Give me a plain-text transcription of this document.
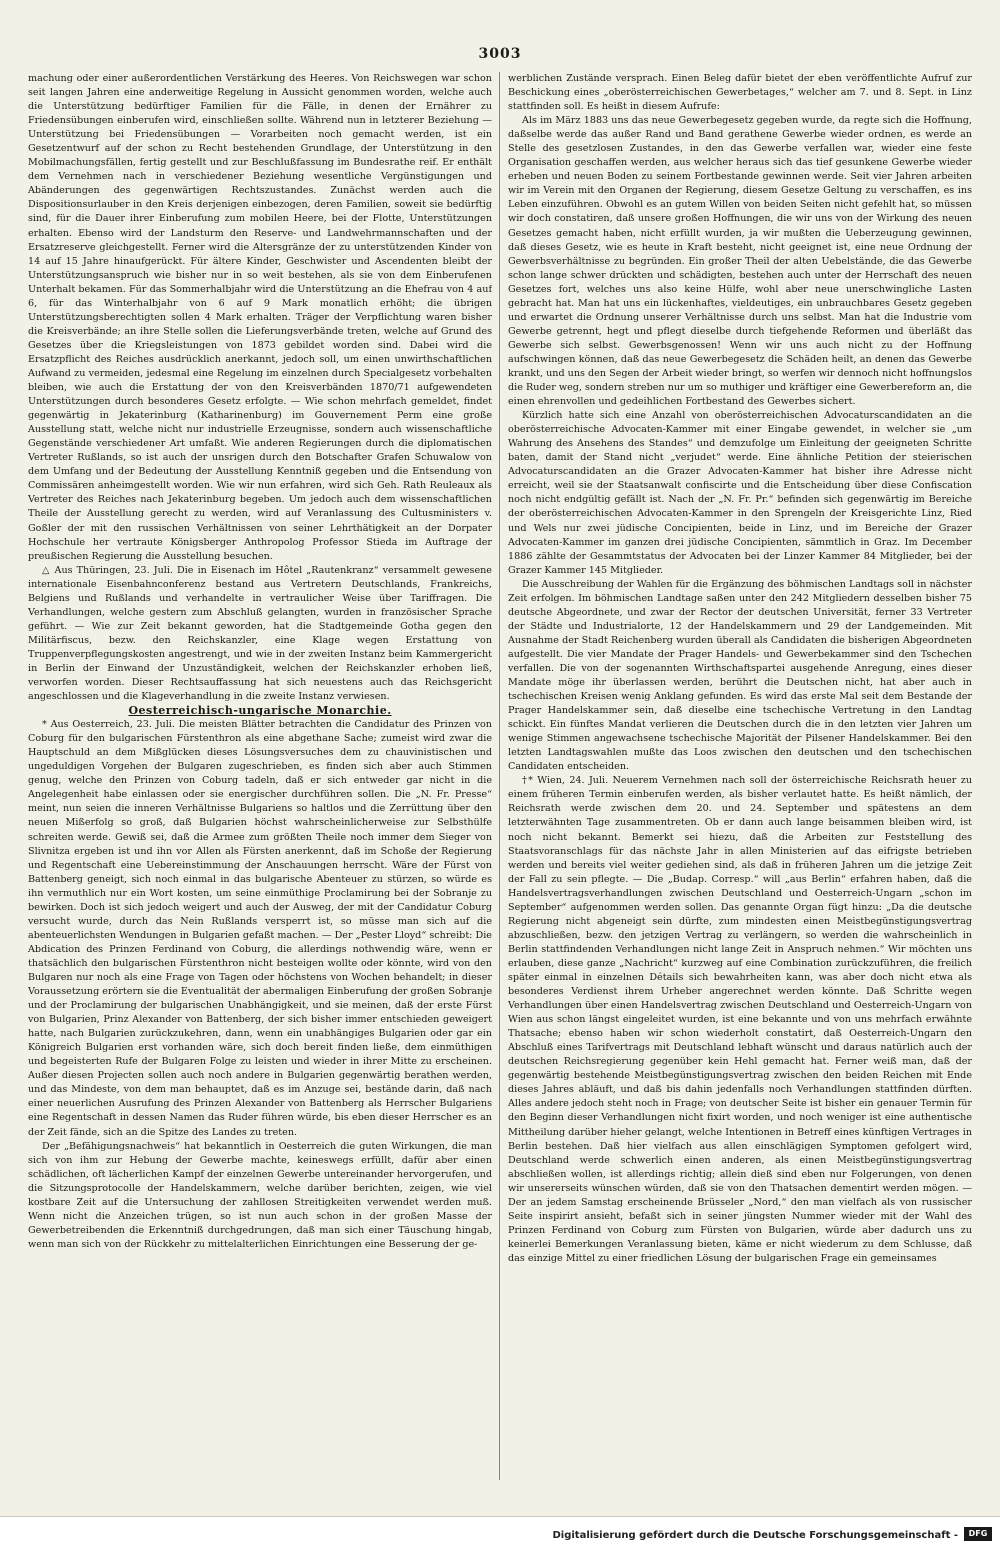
3003

machung oder einer außerordentlichen Verstärkung des Heeres. Von Reichswegen war schon seit langen Jahren eine anderweitige Regelung in Aussicht genommen worden, welche auch die Unterstützung bedürftiger Familien für die Fälle, in denen der Ernährer zu Friedensübungen einberufen wird, einschließen sollte. Während nun in letzterer Beziehung — Unterstützung bei Friedensübungen — Vorarbeiten noch gemacht werden, ist ein Gesetzentwurf auf der schon zu Recht bestehenden Grundlage, der Unterstützung in den Mobilmachungsfällen, fertig gestellt und zur Beschlußfassung im Bundesrathe reif. Er enthält dem Vernehmen nach in verschiedener Beziehung wesentliche Vergünstigungen und Abänderungen des gegenwärtigen Rechtszustandes. Zunächst werden auch die Dispositionsurlauber in den Kreis derjenigen einbezogen, deren Familien, soweit sie bedürftig sind, für die Dauer ihrer Einberufung zum mobilen Heere, bei der Flotte, Unterstützungen erhalten. Ebenso wird der Landsturm den Reserve- und Landwehrmannschaften und der Ersatzreserve gleichgestellt. Ferner wird die Altersgränze der zu unterstützenden Kinder von 14 auf 15 Jahre hinaufgerückt. Für ältere Kinder, Geschwister und Ascendenten bleibt der Unterstützungsanspruch wie bisher nur in so weit bestehen, als sie von dem Einberufenen Unterhalt bekamen. Für das Sommerhalbjahr wird die Unterstützung an die Ehefrau von 4 auf 6, für das Winterhalbjahr von 6 auf 9 Mark monatlich erhöht; die übrigen Unterstützungsberechtigten sollen 4 Mark erhalten. Träger der Verpflichtung waren bisher die Kreisverbände; an ihre Stelle sollen die Lieferungsverbände treten, welche auf Grund des Gesetzes über die Kriegsleistungen von 1873 gebildet worden sind. Dabei wird die Ersatzpflicht des Reiches ausdrücklich anerkannt, jedoch soll, um einen unwirthschaftlichen Aufwand zu vermeiden, jedesmal eine Regelung im einzelnen durch Specialgesetz vorbehalten bleiben, wie auch die Erstattung der von den Kreisverbänden 1870/71 aufgewendeten Unterstützungen durch besonderes Gesetz erfolgte. — Wie schon mehrfach gemeldet, findet gegenwärtig in Jekaterinburg (Katharinenburg) im Gouvernement Perm eine große Ausstellung statt, welche nicht nur industrielle Erzeugnisse, sondern auch wissenschaftliche Gegenstände verschiedener Art umfaßt. Wie anderen Regierungen durch die diplomatischen Vertreter Rußlands, so ist auch der unsrigen durch den Botschafter Grafen Schuwalow von dem Umfang und der Bedeutung der Ausstellung Kenntniß gegeben und die Entsendung von Commissären anheimgestellt worden. Wie wir nun erfahren, wird sich Geh. Rath Reuleaux als Vertreter des Reiches nach Jekaterinburg begeben. Um jedoch auch dem wissenschaftlichen Theile der Ausstellung gerecht zu werden, wird auf Veranlassung des Cultusministers v. Goßler der mit den russischen Verhältnissen von seiner Lehrthätigkeit an der Dorpater Hochschule her vertraute Königsberger Anthropolog Professor Stieda im Auftrage der preußischen Regierung die Ausstellung besuchen.

△ Aus Thüringen, 23. Juli. Die in Eisenach im Hôtel „Rautenkranz“ versammelt gewesene internationale Eisenbahnconferenz bestand aus Vertretern Deutschlands, Frankreichs, Belgiens und Rußlands und verhandelte in vertraulicher Weise über Tariffragen. Die Verhandlungen, welche gestern zum Abschluß gelangten, wurden in französischer Sprache geführt. — Wie zur Zeit bekannt geworden, hat die Stadtgemeinde Gotha gegen den Militärfiscus, bezw. den Reichskanzler, eine Klage wegen Erstattung von Truppenverpflegungskosten angestrengt, und wie in der zweiten Instanz beim Kammergericht in Berlin der Einwand der Unzuständigkeit, welchen der Reichskanzler erhoben ließ, verworfen worden. Dieser Rechtsauffassung hat sich neuestens auch das Reichsgericht angeschlossen und die Klageverhandlung in die zweite Instanz verwiesen.

Oesterreichisch-ungarische Monarchie.

* Aus Oesterreich, 23. Juli. Die meisten Blätter betrachten die Candidatur des Prinzen von Coburg für den bulgarischen Fürstenthron als eine abgethane Sache; zumeist wird zwar die Hauptschuld an dem Mißglücken dieses Lösungsversuches dem zu chauvinistischen und ungeduldigen Vorgehen der Bulgaren zugeschrieben, es finden sich aber auch Stimmen genug, welche den Prinzen von Coburg tadeln, daß er sich entweder gar nicht in die Angelegenheit habe einlassen oder sie energischer durchführen sollen. Die „N. Fr. Presse“ meint, nun seien die inneren Verhältnisse Bulgariens so haltlos und die Zerrüttung über den neuen Mißerfolg so groß, daß Bulgarien höchst wahrscheinlicherweise zur Selbsthülfe schreiten werde. Gewiß sei, daß die Armee zum größten Theile noch immer dem Sieger von Slivnitza ergeben ist und ihn vor Allen als Fürsten anerkennt, daß im Schoße der Regierung und Regentschaft eine Uebereinstimmung der Anschauungen herrscht. Wäre der Fürst von Battenberg geneigt, sich noch einmal in das bulgarische Abenteuer zu stürzen, so würde es ihn vermuthlich nur ein Wort kosten, um seine einmüthige Proclamirung bei der Sobranje zu bewirken. Doch ist sich jedoch weigert und auch der Ausweg, der mit der Candidatur Coburg versucht wurde, durch das Nein Rußlands versperrt ist, so müsse man sich auf die abenteuerlichsten Wendungen in Bulgarien gefaßt machen. — Der „Pester Lloyd“ schreibt: Die Abdication des Prinzen Ferdinand von Coburg, die allerdings nothwendig wäre, wenn er thatsächlich den bulgarischen Fürstenthron nicht besteigen wollte oder könnte, wird von den Bulgaren nur noch als eine Frage von Tagen oder höchstens von Wochen behandelt; in dieser Voraussetzung erörtern sie die Eventualität der abermaligen Einberufung der großen Sobranje und der Proclamirung der bulgarischen Unabhängigkeit, und sie meinen, daß der erste Fürst von Bulgarien, Prinz Alexander von Battenberg, der sich bisher immer entschieden geweigert hatte, nach Bulgarien zurückzukehren, dann, wenn ein unabhängiges Bulgarien oder gar ein Königreich Bulgarien erst vorhanden wäre, sich doch bereit finden ließe, dem einmüthigen und begeisterten Rufe der Bulgaren Folge zu leisten und wieder in ihrer Mitte zu erscheinen. Außer diesen Projecten sollen auch noch andere in Bulgarien gegenwärtig berathen werden, und das Mindeste, von dem man behauptet, daß es im Anzuge sei, bestände darin, daß nach einer neuerlichen Ausrufung des Prinzen Alexander von Battenberg als Herrscher Bulgariens eine Regentschaft in dessen Namen das Ruder führen würde, bis eben dieser Herrscher es an der Zeit fände, sich an die Spitze des Landes zu treten.

Der „Befähigungsnachweis“ hat bekanntlich in Oesterreich die guten Wirkungen, die man sich von ihm zur Hebung der Gewerbe machte, keineswegs erfüllt, dafür aber einen schädlichen, oft lächerlichen Kampf der einzelnen Gewerbe untereinander hervorgerufen, und die Sitzungsprotocolle der Handelskammern, welche darüber berichten, zeigen, wie viel kostbare Zeit auf die Untersuchung der zahllosen Streitigkeiten verwendet werden muß. Wenn nicht die Anzeichen trügen, so ist nun auch schon in der großen Masse der Gewerbetreibenden die Erkenntniß durchgedrungen, daß man sich einer Täuschung hingab, wenn man sich von der Rückkehr zu mittelalterlichen Einrichtungen eine Besserung der ge-

werblichen Zustände versprach. Einen Beleg dafür bietet der eben veröffentlichte Aufruf zur Beschickung eines „oberösterreichischen Gewerbetages,“ welcher am 7. und 8. Sept. in Linz stattfinden soll. Es heißt in diesem Aufrufe:

Als im März 1883 uns das neue Gewerbegesetz gegeben wurde, da regte sich die Hoffnung, daßselbe werde das außer Rand und Band gerathene Gewerbe wieder ordnen, es werde an Stelle des gesetzlosen Zustandes, in den das Gewerbe verfallen war, wieder eine feste Organisation geschaffen werden, aus welcher heraus sich das tief gesunkene Gewerbe wieder erheben und neuen Boden zu seinem Fortbestande gewinnen werde. Seit vier Jahren arbeiten wir im Verein mit den Organen der Regierung, diesem Gesetze Geltung zu verschaffen, es ins Leben einzuführen. Obwohl es an gutem Willen von beiden Seiten nicht gefehlt hat, so müssen wir doch constatiren, daß unsere großen Hoffnungen, die wir uns von der Wirkung des neuen Gesetzes gemacht haben, nicht erfüllt wurden, ja wir mußten die Ueberzeugung gewinnen, daß dieses Gesetz, wie es heute in Kraft besteht, nicht geeignet ist, eine neue Ordnung der Gewerbsverhältnisse zu begründen. Ein großer Theil der alten Uebelstände, die das Gewerbe schon lange schwer drückten und schädigten, bestehen auch unter der Herrschaft des neuen Gesetzes fort, welches uns also keine Hülfe, wohl aber neue unerschwingliche Lasten gebracht hat. Man hat uns ein lückenhaftes, vieldeutiges, ein unbrauchbares Gesetz gegeben und erwartet die Ordnung unserer Verhältnisse durch uns selbst. Man hat die Industrie vom Gewerbe getrennt, hegt und pflegt dieselbe durch tiefgehende Reformen und überläßt das Gewerbe sich selbst. Gewerbsgenossen! Wenn wir uns auch nicht zu der Hoffnung aufschwingen können, daß das neue Gewerbegesetz die Schäden heilt, an denen das Gewerbe krankt, und uns den Segen der Arbeit wieder bringt, so werfen wir dennoch nicht hoffnungslos die Ruder weg, sondern streben nur um so muthiger und kräftiger eine Gewerbereform an, die einen ehrenvollen und gedeihlichen Fortbestand des Gewerbes sichert.

Kürzlich hatte sich eine Anzahl von oberösterreichischen Advocaturscandidaten an die oberösterreichische Advocaten-Kammer mit einer Eingabe gewendet, in welcher sie „um Wahrung des Ansehens des Standes“ und demzufolge um Einleitung der geeigneten Schritte baten, damit der Stand nicht „verjudet“ werde. Eine ähnliche Petition der steierischen Advocaturscandidaten an die Grazer Advocaten-Kammer hat bisher ihre Adresse nicht erreicht, weil sie der Staatsanwalt confiscirte und die Entscheidung über diese Confiscation noch nicht endgültig gefällt ist. Nach der „N. Fr. Pr.“ befinden sich gegenwärtig im Bereiche der oberösterreichischen Advocaten-Kammer in den Sprengeln der Kreisgerichte Linz, Ried und Wels nur zwei jüdische Concipienten, beide in Linz, und im Bereiche der Grazer Advocaten-Kammer im ganzen drei jüdische Concipienten, sämmtlich in Graz. Im December 1886 zählte der Gesammtstatus der Advocaten bei der Linzer Kammer 84 Mitglieder, bei der Grazer Kammer 145 Mitglieder.

Die Ausschreibung der Wahlen für die Ergänzung des böhmischen Landtags soll in nächster Zeit erfolgen. Im böhmischen Landtage saßen unter den 242 Mitgliedern desselben bisher 75 deutsche Abgeordnete, und zwar der Rector der deutschen Universität, ferner 33 Vertreter der Städte und Industrialorte, 12 der Handelskammern und 29 der Landgemeinden. Mit Ausnahme der Stadt Reichenberg wurden überall als Candidaten die bisherigen Abgeordneten aufgestellt. Die vier Mandate der Prager Handels- und Gewerbekammer sind den Tschechen verfallen. Die von der sogenannten Wirthschaftspartei ausgehende Anregung, eines dieser Mandate möge ihr überlassen werden, berührt die Deutschen nicht, hat aber auch in tschechischen Kreisen wenig Anklang gefunden. Es wird das erste Mal seit dem Bestande der Prager Handelskammer sein, daß dieselbe eine tschechische Vertretung in den Landtag schickt. Ein fünftes Mandat verlieren die Deutschen durch die in den letzten vier Jahren um wenige Stimmen angewachsene tschechische Majorität der Pilsener Handelskammer. Bei den letzten Landtagswahlen mußte das Loos zwischen den deutschen und den tschechischen Candidaten entscheiden.

†* Wien, 24. Juli. Neuerem Vernehmen nach soll der österreichische Reichsrath heuer zu einem früheren Termin einberufen werden, als bisher verlautet hatte. Es heißt nämlich, der Reichsrath werde zwischen dem 20. und 24. September und spätestens an dem letzterwähnten Tage zusammentreten. Ob er dann auch lange beisammen bleiben wird, ist noch nicht bekannt. Bemerkt sei hiezu, daß die Arbeiten zur Feststellung des Staatsvoranschlags für das nächste Jahr in allen Ministerien auf das eifrigste betrieben werden und bereits viel weiter gediehen sind, als daß in früheren Jahren um die jetzige Zeit der Fall zu sein pflegte. — Die „Budap. Corresp.“ will „aus Berlin“ erfahren haben, daß die Handelsvertragsverhandlungen zwischen Deutschland und Oesterreich-Ungarn „schon im September“ aufgenommen werden sollen. Das genannte Organ fügt hinzu: „Da die deutsche Regierung nicht abgeneigt sein dürfte, zum mindesten einen Meistbegünstigungsvertrag abzuschließen, bezw. den jetzigen Vertrag zu verlängern, so werden die wahrscheinlich in Berlin stattfindenden Verhandlungen nicht lange Zeit in Anspruch nehmen.“ Wir möchten uns erlauben, diese ganze „Nachricht“ kurzweg auf eine Combination zurückzuführen, die freilich später einmal in einzelnen Détails sich bewahrheiten kann, was aber doch nicht etwa als besonderes Verdienst ihrem Urheber angerechnet werden könnte. Daß Schritte wegen Verhandlungen über einen Handelsvertrag zwischen Deutschland und Oesterreich-Ungarn von Wien aus schon längst eingeleitet wurden, ist eine bekannte und von uns mehrfach erwähnte Thatsache; ebenso haben wir schon wiederholt constatirt, daß Oesterreich-Ungarn den Abschluß eines Tarifvertrags mit Deutschland lebhaft wünscht und daraus natürlich auch der deutschen Reichsregierung gegenüber kein Hehl gemacht hat. Ferner weiß man, daß der gegenwärtig bestehende Meistbegünstigungsvertrag zwischen den beiden Reichen mit Ende dieses Jahres abläuft, und daß bis dahin jedenfalls noch Verhandlungen stattfinden dürften. Alles andere jedoch steht noch in Frage; von deutscher Seite ist bisher ein genauer Termin für den Beginn dieser Verhandlungen nicht fixirt worden, und noch weniger ist eine authentische Mittheilung darüber hieher gelangt, welche Intentionen in Betreff eines künftigen Vertrages in Berlin bestehen. Daß hier vielfach aus allen einschlägigen Symptomen gefolgert wird, Deutschland werde schwerlich einen anderen, als einen Meistbegünstigungsvertrag abschließen wollen, ist allerdings richtig; allein dieß sind eben nur Folgerungen, von denen wir unsererseits wünschen würden, daß sie von den Thatsachen dementirt werden mögen. — Der an jedem Samstag erscheinende Brüsseler „Nord,“ den man vielfach als von russischer Seite inspirirt ansieht, befaßt sich in seiner jüngsten Nummer wieder mit der Wahl des Prinzen Ferdinand von Coburg zum Fürsten von Bulgarien, würde aber dadurch uns zu keinerlei Bemerkungen Veranlassung bieten, käme er nicht wiederum zu dem Schlusse, daß das einzige Mittel zu einer friedlichen Lösung der bulgarischen Frage ein gemeinsames

Digitalisierung gefördert durch die Deutsche Forschungsgemeinschaft -	DFG
